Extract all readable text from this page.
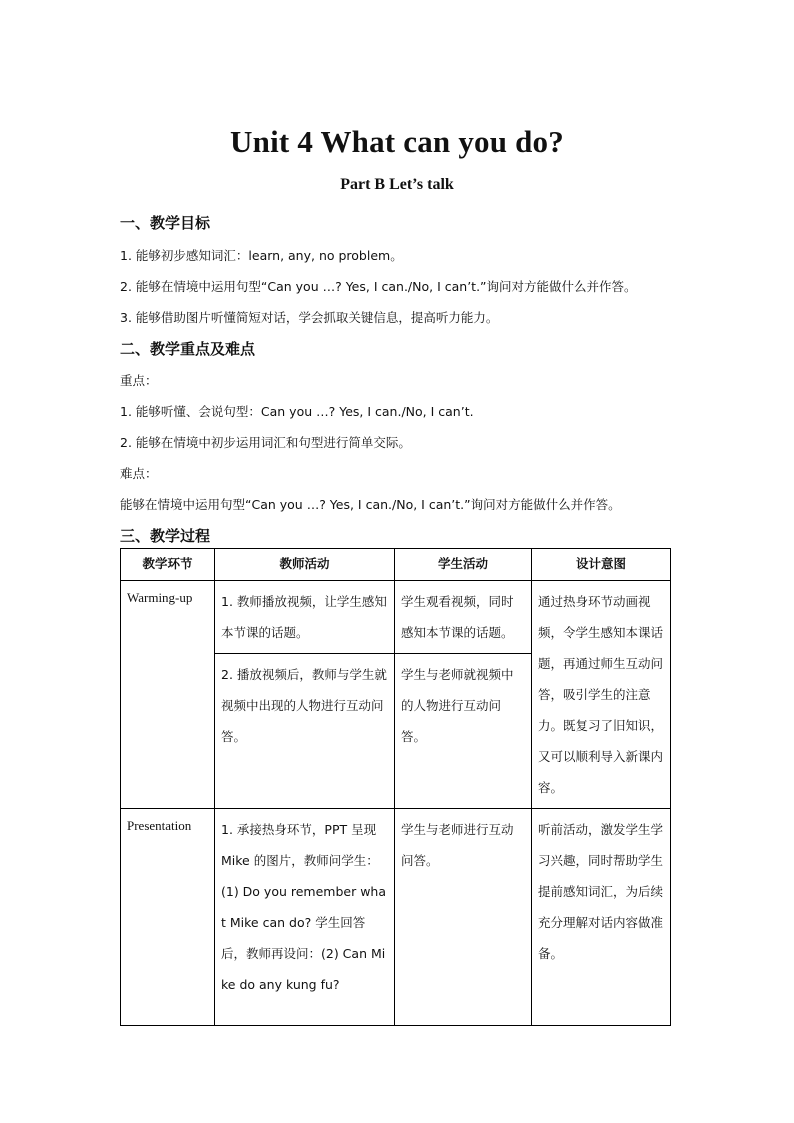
Unit 4 What can you do?
Part B Let’s talk
一、教学目标
1. 能够初步感知词汇：learn, any, no problem。
2. 能够在情境中运用句型“Can you …? Yes, I can./No, I can’t.”询问对方能做什么并作答。
3. 能够借助图片听懂简短对话，学会抓取关键信息，提高听力能力。
二、教学重点及难点
重点：
1. 能够听懂、会说句型：Can you …? Yes, I can./No, I can’t.
2. 能够在情境中初步运用词汇和句型进行简单交际。
难点：
能够在情境中运用句型“Can you …? Yes, I can./No, I can’t.”询问对方能做什么并作答。
三、教学过程
教学环节	教师活动	学生活动	设计意图
Warming-up	1. 教师播放视频，让学生感知本节课的话题。	学生观看视频，同时感知本节课的话题。	通过热身环节动画视频，令学生感知本课话题，再通过师生互动问答，吸引学生的注意力。既复习了旧知识，又可以顺利导入新课内容。
	2. 播放视频后，教师与学生就视频中出现的人物进行互动问答。	学生与老师就视频中的人物进行互动问答。	
Presentation	1. 承接热身环节，PPT 呈现 Mike 的图片，教师问学生：(1) Do you remember what Mike can do? 学生回答后，教师再设问：(2) Can Mike do any kung fu?	学生与老师进行互动问答。	听前活动，激发学生学习兴趣，同时帮助学生提前感知词汇，为后续充分理解对话内容做准备。
